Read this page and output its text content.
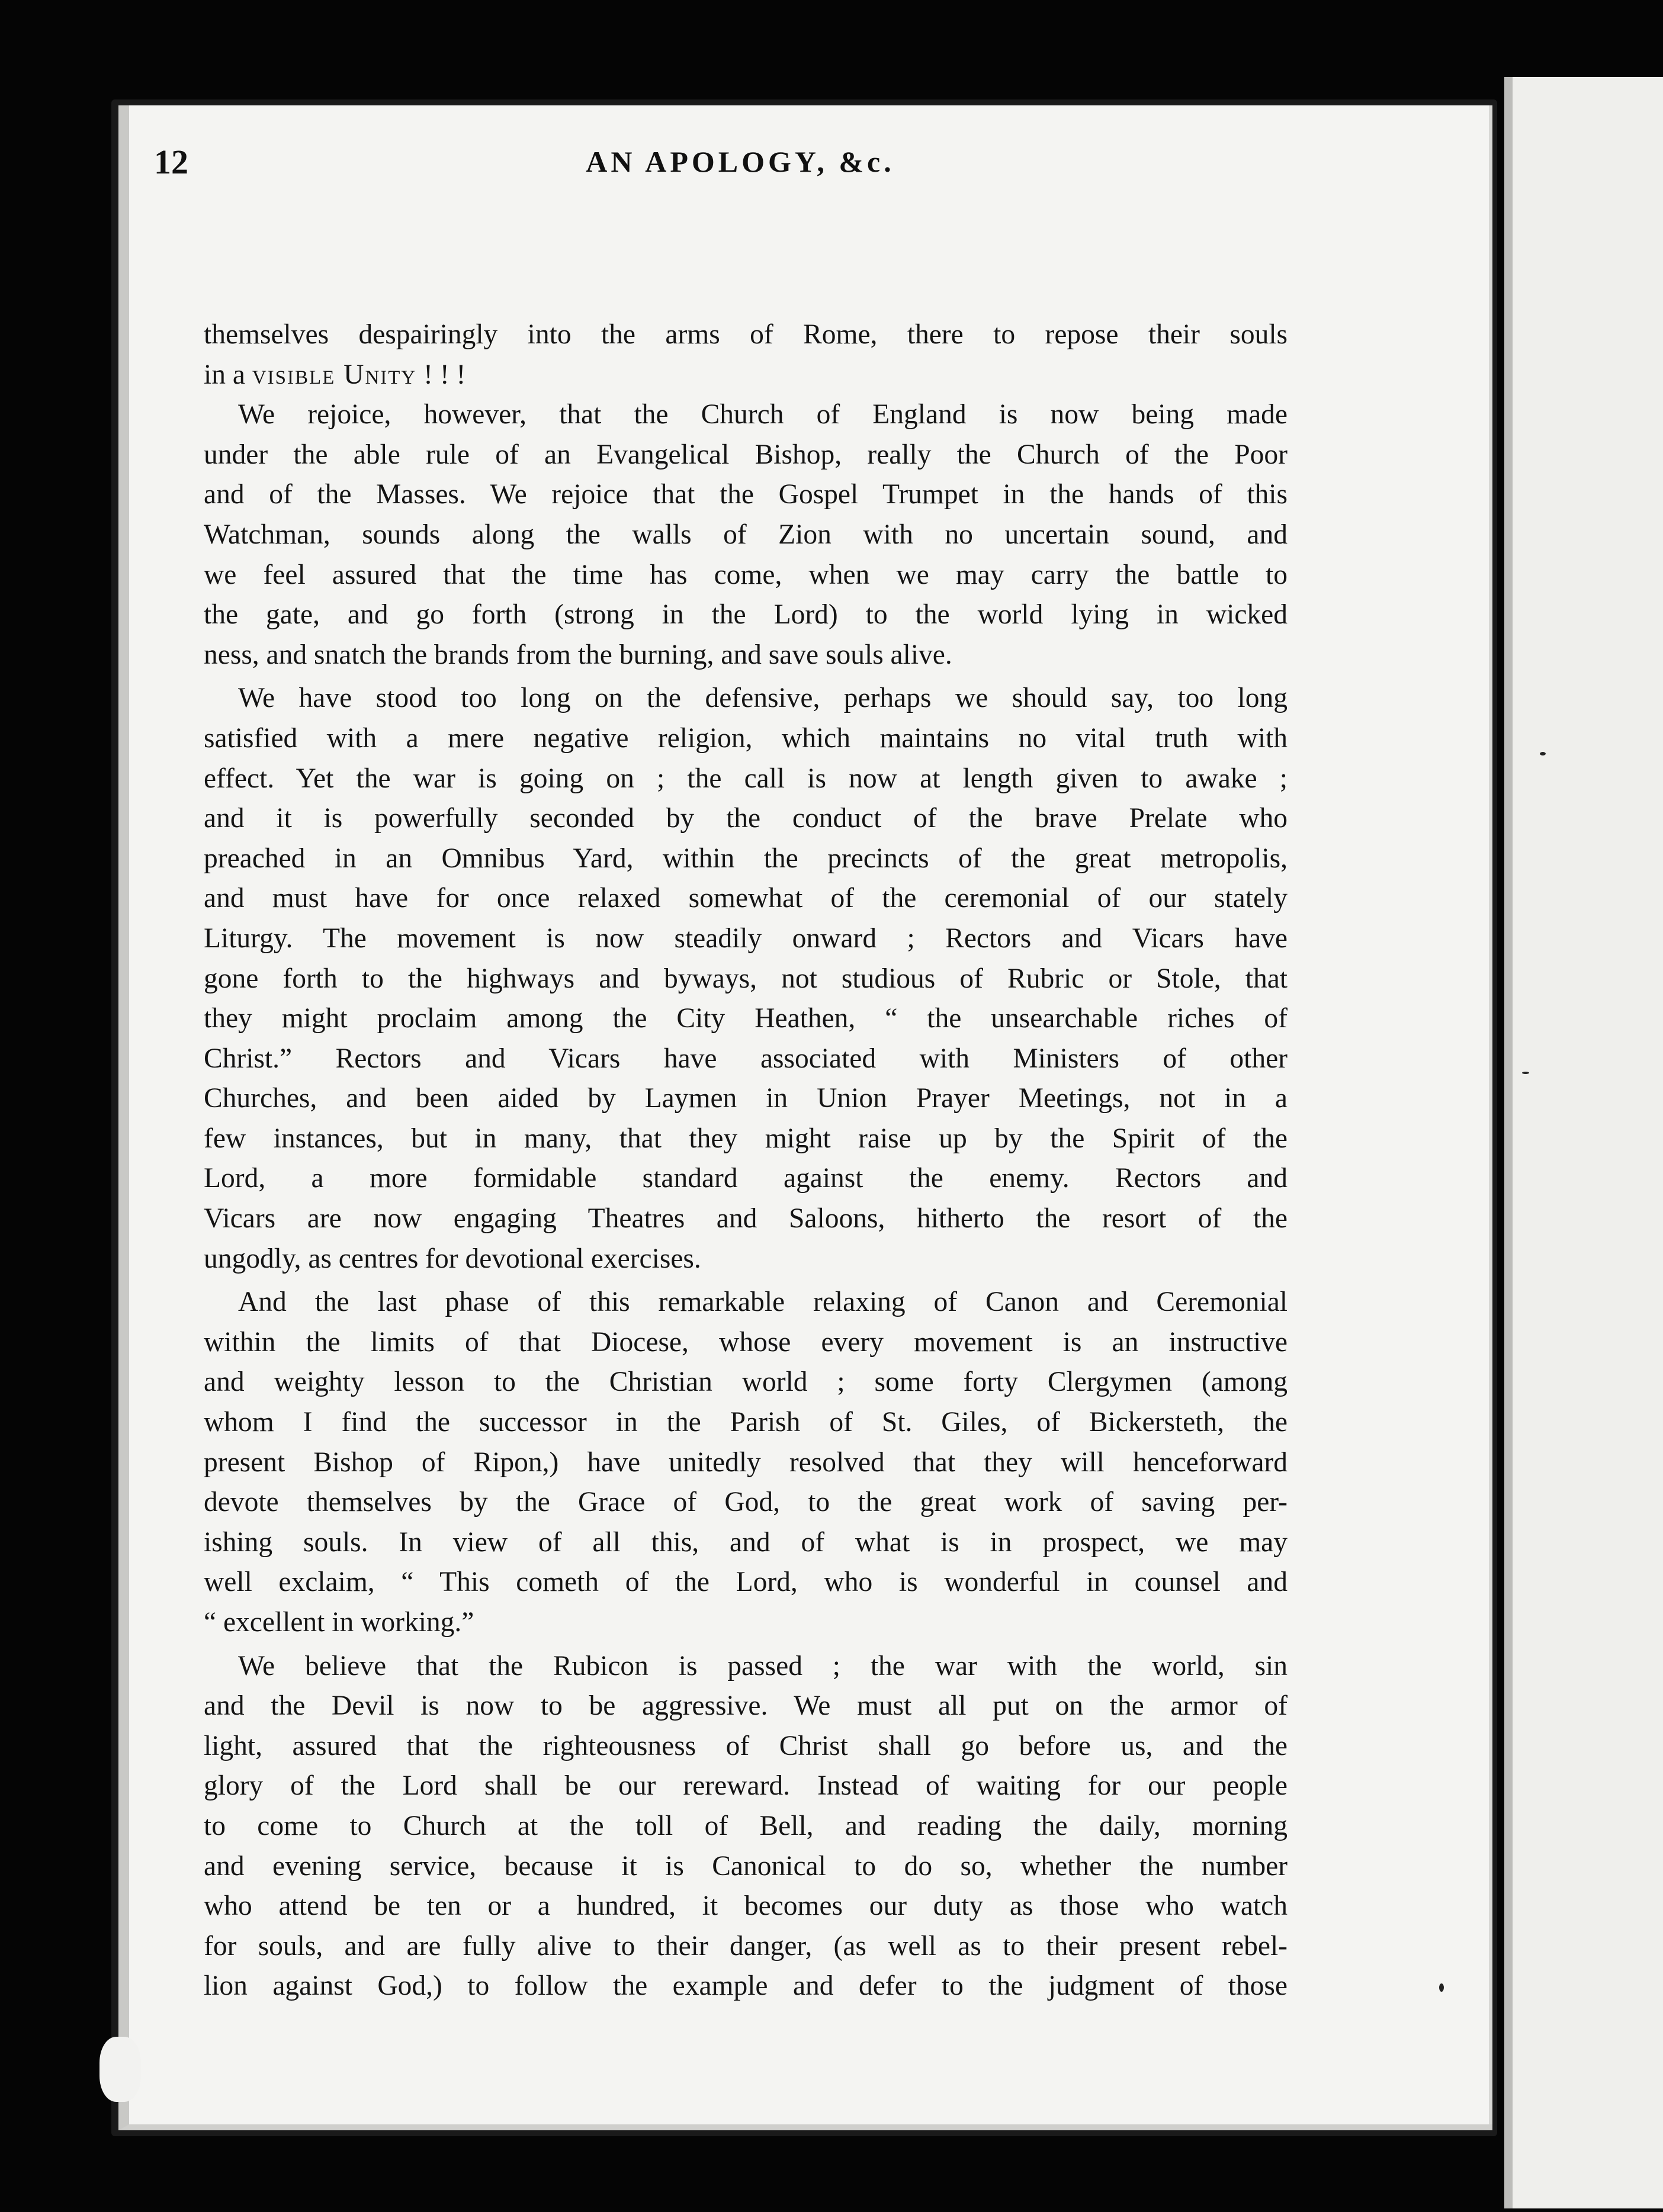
12	AN APOLOGY, &c.
themselves despairingly into the arms of Rome, there to repose their souls
in a visible Unity ! ! !
We rejoice, however, that the Church of England is now being made
under the able rule of an Evangelical Bishop, really the Church of the Poor
and of the Masses. We rejoice that the Gospel Trumpet in the hands of this
Watchman, sounds along the walls of Zion with no uncertain sound, and
we feel assured that the time has come, when we may carry the battle to
the gate, and go forth (strong in the Lord) to the world lying in wicked
ness, and snatch the brands from the burning, and save souls alive.
We have stood too long on the defensive, perhaps we should say, too long
satisfied with a mere negative religion, which maintains no vital truth with
effect. Yet the war is going on ; the call is now at length given to awake ;
and it is powerfully seconded by the conduct of the brave Prelate who
preached in an Omnibus Yard, within the precincts of the great metropolis,
and must have for once relaxed somewhat of the ceremonial of our stately
Liturgy. The movement is now steadily onward ; Rectors and Vicars have
gone forth to the highways and byways, not studious of Rubric or Stole, that
they might proclaim among the City Heathen, “ the unsearchable riches of
Christ.” Rectors and Vicars have associated with Ministers of other
Churches, and been aided by Laymen in Union Prayer Meetings, not in a
few instances, but in many, that they might raise up by the Spirit of the
Lord, a more formidable standard against the enemy. Rectors and
Vicars are now engaging Theatres and Saloons, hitherto the resort of the
ungodly, as centres for devotional exercises.
And the last phase of this remarkable relaxing of Canon and Ceremonial
within the limits of that Diocese, whose every movement is an instructive
and weighty lesson to the Christian world ; some forty Clergymen (among
whom I find the successor in the Parish of St. Giles, of Bickersteth, the
present Bishop of Ripon,) have unitedly resolved that they will henceforward
devote themselves by the Grace of God, to the great work of saving per-
ishing souls. In view of all this, and of what is in prospect, we may
well exclaim, “ This cometh of the Lord, who is wonderful in counsel and
“ excellent in working.”
We believe that the Rubicon is passed ; the war with the world, sin
and the Devil is now to be aggressive. We must all put on the armor of
light, assured that the righteousness of Christ shall go before us, and the
glory of the Lord shall be our rereward. Instead of waiting for our people
to come to Church at the toll of Bell, and reading the daily, morning
and evening service, because it is Canonical to do so, whether the number
who attend be ten or a hundred, it becomes our duty as those who watch
for souls, and are fully alive to their danger, (as well as to their present rebel-
lion against God,) to follow the example and defer to the judgment of those
